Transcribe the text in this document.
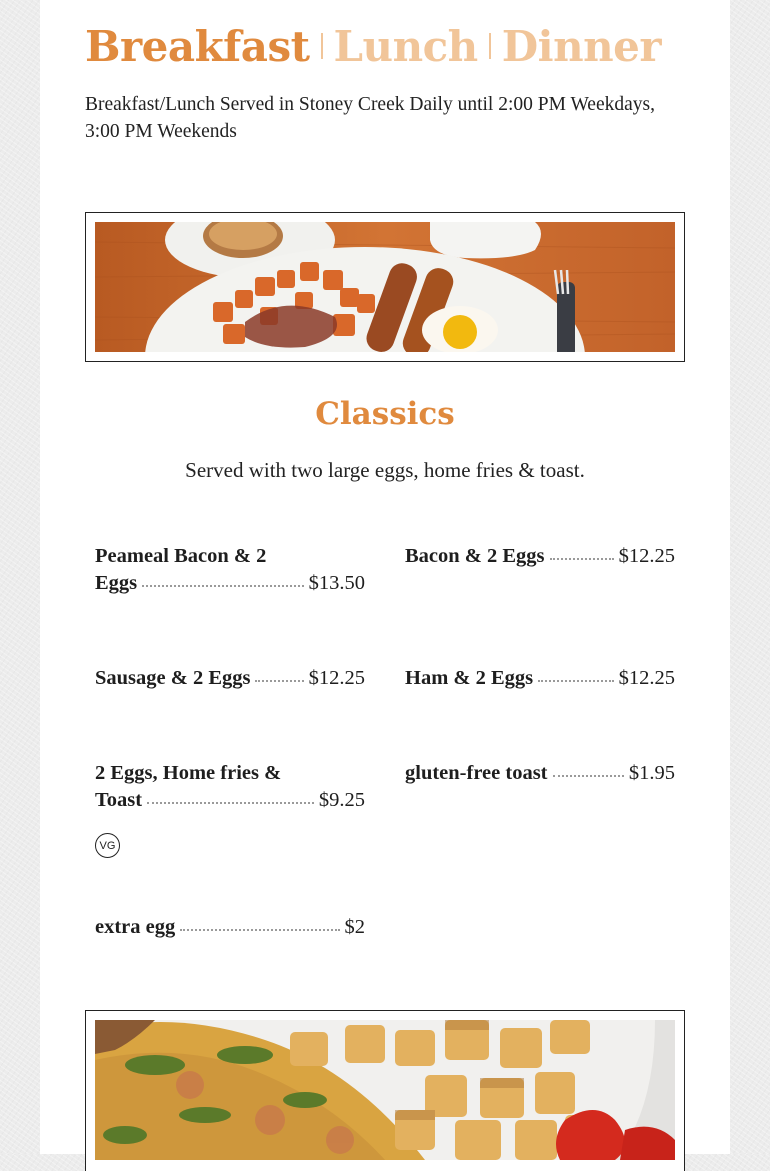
Breakfast Lunch Dinner

Breakfast/Lunch Served in Stoney Creek Daily until 2:00 PM Weekdays, 3:00 PM Weekends

Classics

Served with two large eggs, home fries & toast.

Peameal Bacon & 2
Eggs	$13.50
Bacon & 2 Eggs	$12.25
Sausage & 2 Eggs	$12.25 Ham & 2 Eggs	$12.25
2 Eggs, Home fries &
Toast	$9.25
VG
gluten-free toast	$1.95
extra egg	$2
